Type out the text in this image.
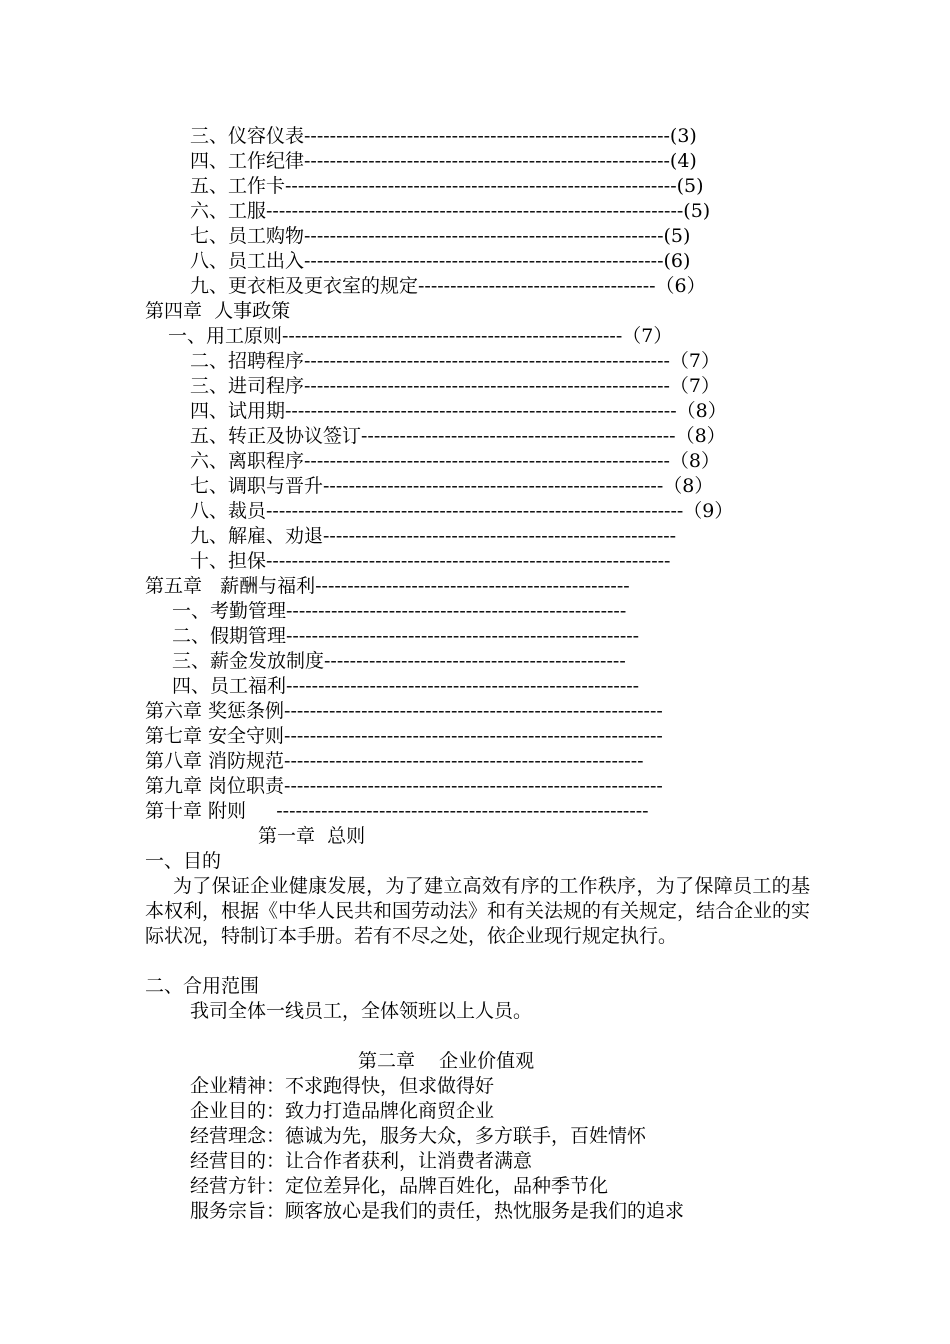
三、仪容仪表---------------------------------------------------------(3)
四、工作纪律---------------------------------------------------------(4)
五、工作卡-------------------------------------------------------------(5)
六、工服-----------------------------------------------------------------(5)
七、员工购物--------------------------------------------------------(5)
八、员工出入--------------------------------------------------------(6)
九、更衣柜及更衣室的规定-------------------------------------（6）
第四章  人事政策
一、用工原则-----------------------------------------------------（7）
二、招聘程序---------------------------------------------------------（7）
三、进司程序---------------------------------------------------------（7）
四、试用期-------------------------------------------------------------（8）
五、转正及协议签订-------------------------------------------------（8）
六、离职程序---------------------------------------------------------（8）
七、调职与晋升-----------------------------------------------------（8）
八、裁员-----------------------------------------------------------------（9）
九、解雇、劝退-------------------------------------------------------
十、担保---------------------------------------------------------------
第五章   薪酬与福利-------------------------------------------------
一、考勤管理-----------------------------------------------------
二、假期管理-------------------------------------------------------
三、薪金发放制度-----------------------------------------------
四、员工福利-------------------------------------------------------
第六章 奖惩条例-----------------------------------------------------------
第七章 安全守则-----------------------------------------------------------
第八章 消防规范--------------------------------------------------------
第九章 岗位职责-----------------------------------------------------------
第十章 附则     ----------------------------------------------------------
第一章  总则
一、目的
为了保证企业健康发展，为了建立高效有序的工作秩序，为了保障员工的基本权利，根据《中华人民共和国劳动法》和有关法规的有关规定，结合企业的实际状况，特制订本手册。若有不尽之处，依企业现行规定执行。
二、合用范围
我司全体一线员工，全体领班以上人员。
第二章    企业价值观
企业精神：不求跑得快，但求做得好
企业目的：致力打造品牌化商贸企业
经营理念：德诚为先，服务大众，多方联手，百姓情怀
经营目的：让合作者获利，让消费者满意
经营方针：定位差异化，品牌百姓化，品种季节化
服务宗旨：顾客放心是我们的责任，热忱服务是我们的追求
